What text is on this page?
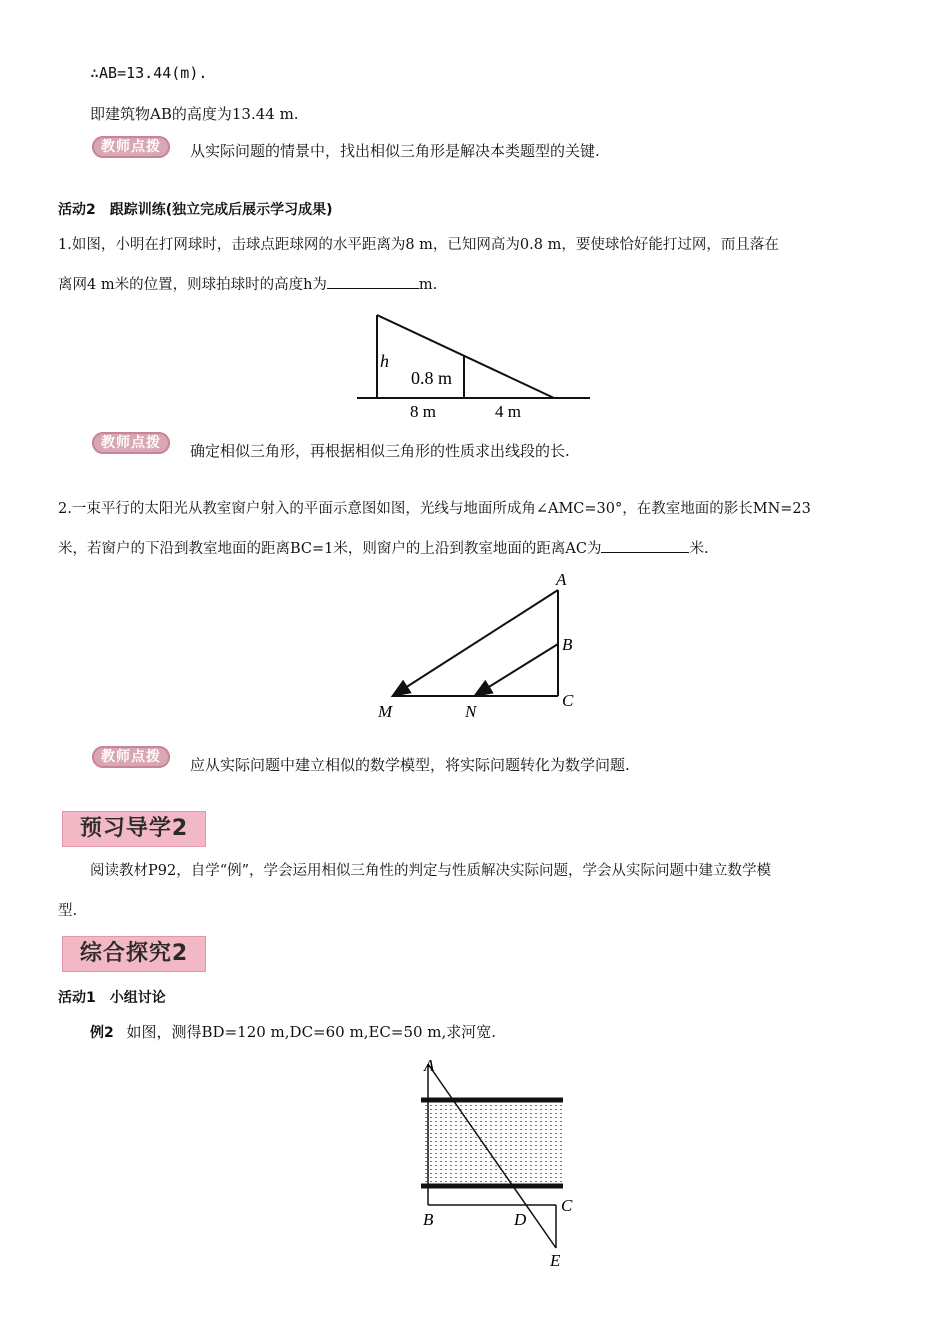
∴AB=13.44(m).
即建筑物AB的高度为13.44 m.
教师点拨	从实际问题的情景中，找出相似三角形是解决本类题型的关键.
活动2　跟踪训练(独立完成后展示学习成果)
1.如图，小明在打网球时，击球点距球网的水平距离为8 m，已知网高为0.8 m，要使球恰好能打过网，而且落在
离网4 m米的位置，则球拍球时的高度h为	m.
h
0.8 m
8 m	4 m
教师点拨	确定相似三角形，再根据相似三角形的性质求出线段的长.
2.一束平行的太阳光从教室窗户射入的平面示意图如图，光线与地面所成角∠AMC=30°，在教室地面的影长MN=23
米，若窗户的下沿到教室地面的距离BC=1米，则窗户的上沿到教室地面的距离AC为	米.
A
B
C
M	N
教师点拨	应从实际问题中建立相似的数学模型，将实际问题转化为数学问题.
预习导学2
阅读教材P92，自学“例”，学会运用相似三角性的判定与性质解决实际问题，学会从实际问题中建立数学模
型.
综合探究2
活动1　小组讨论
例2 如图，测得BD=120 m,DC=60 m,EC=50 m,求河宽.
A
B
C
D
E
